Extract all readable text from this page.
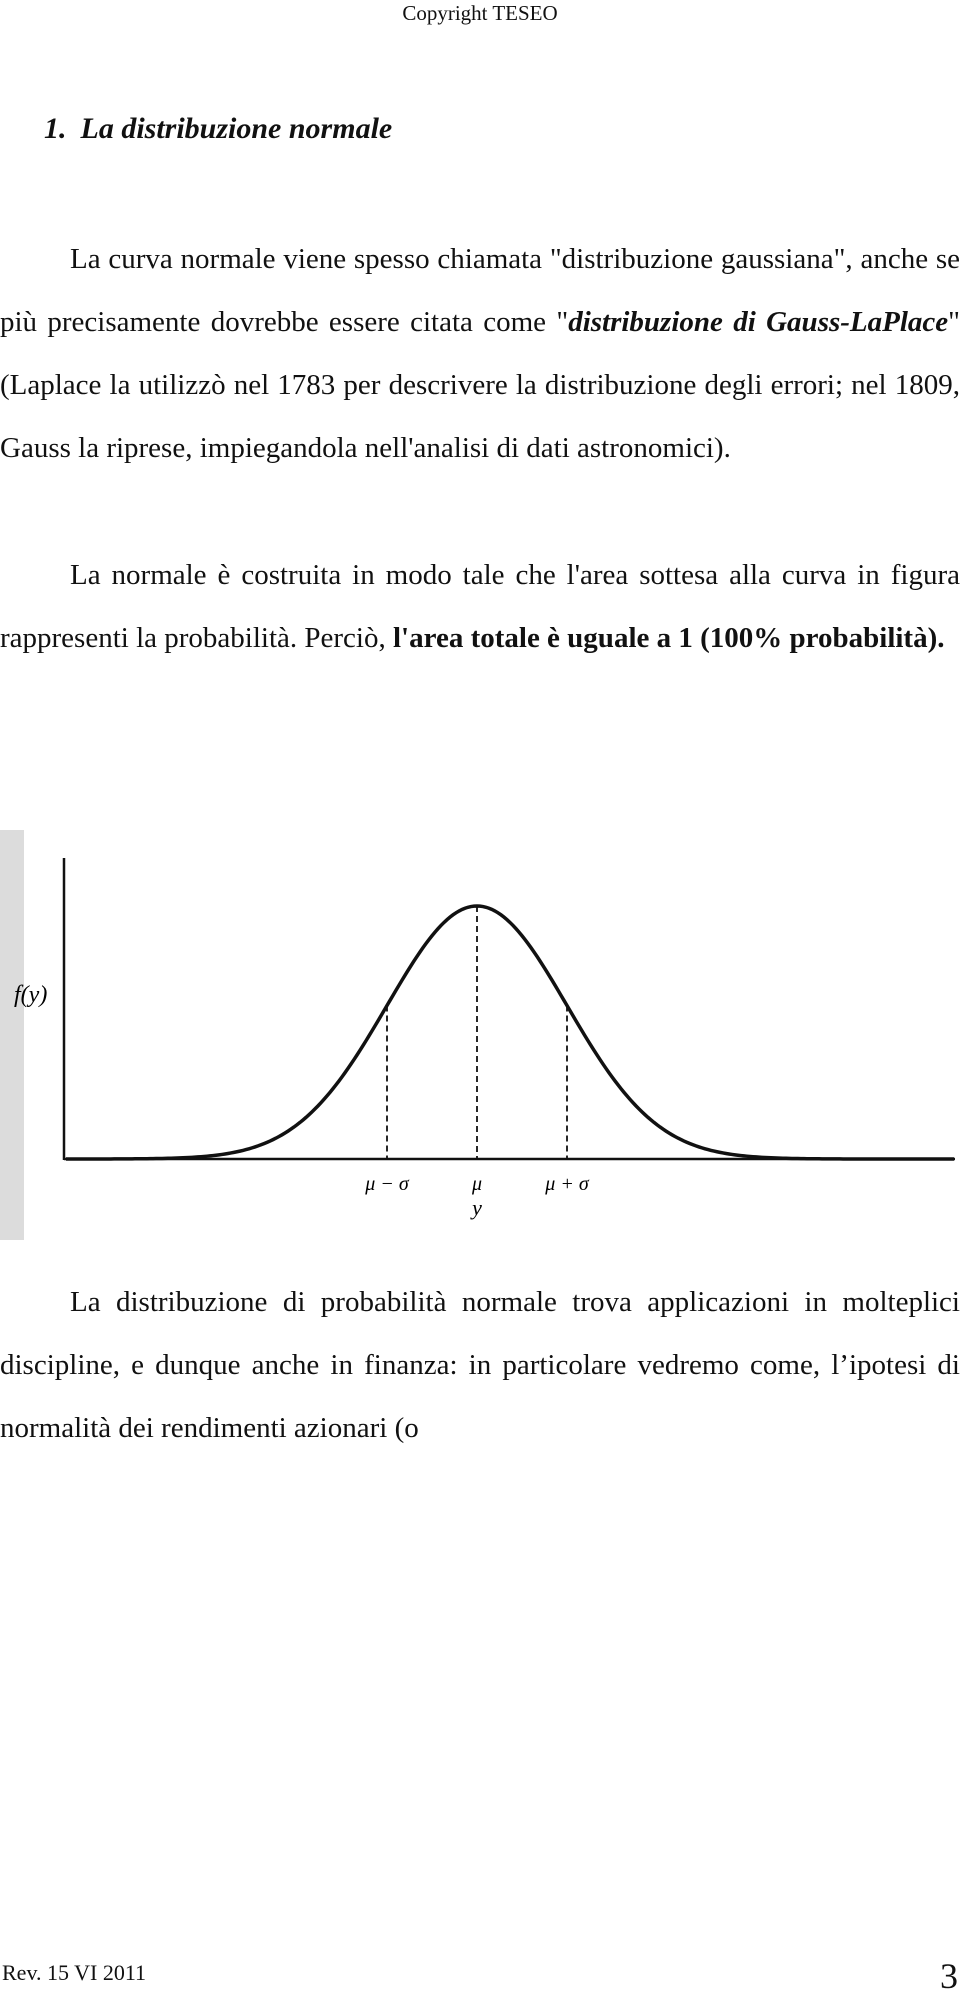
Copyright TESEO
1. La distribuzione normale

La curva normale viene spesso chiamata "distribuzione gaussiana", anche se più precisamente dovrebbe essere citata come "distribuzione di Gauss-LaPlace" (Laplace la utilizzò nel 1783 per descrivere la distribuzione degli errori; nel 1809, Gauss la riprese, impiegandola nell'analisi di dati astronomici).

La normale è costruita in modo tale che l'area sottesa alla curva in figura rappresenti la probabilità. Perciò, l'area totale è uguale a 1 (100% probabilità).

f(y)
μ − σ	μ	μ + σ
y

La distribuzione di probabilità normale trova applicazioni in molteplici discipline, e dunque anche in finanza: in particolare vedremo come, l’ipotesi di normalità dei rendimenti azionari (o

Rev. 15 VI 2011	3
